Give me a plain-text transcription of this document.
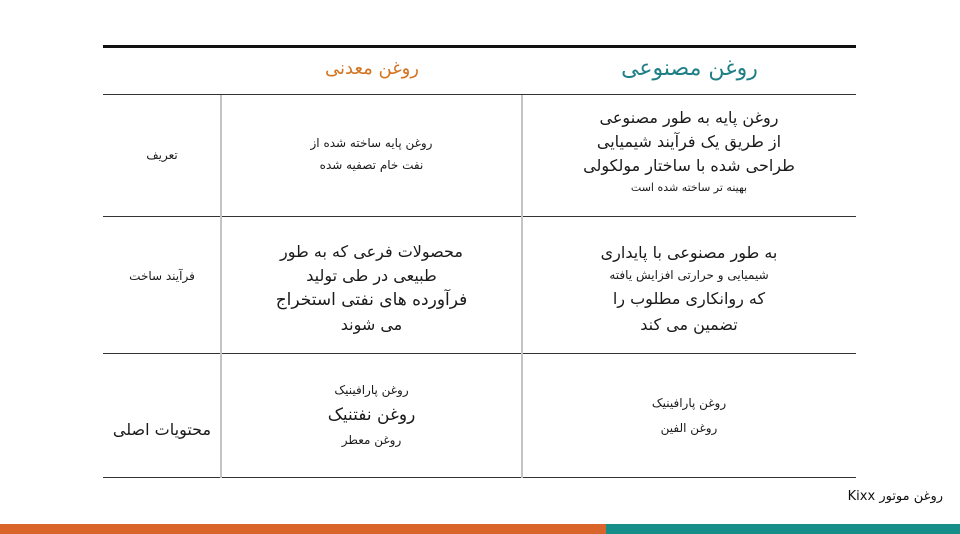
روغن مصنوعی
روغن معدنی
تعریف
روغن پایه به طور مصنوعی
از طریق یک فرآیند شیمیایی
طراحی شده با ساختار مولکولی
بهینه تر ساخته شده است
روغن پایه ساخته شده از
نفت خام تصفیه شده
فرآیند ساخت
به طور مصنوعی با پایداری
شیمیایی و حرارتی افزایش یافته
که روانکاری مطلوب را
تضمین می کند
محصولات فرعی که به طور
طبیعی در طی تولید
فرآورده های نفتی استخراج
می شوند
محتویات اصلی
روغن پارافینیک
روغن الفین
روغن پارافینیک
روغن نفتنیک
روغن معطر
روغن موتور Kixx
